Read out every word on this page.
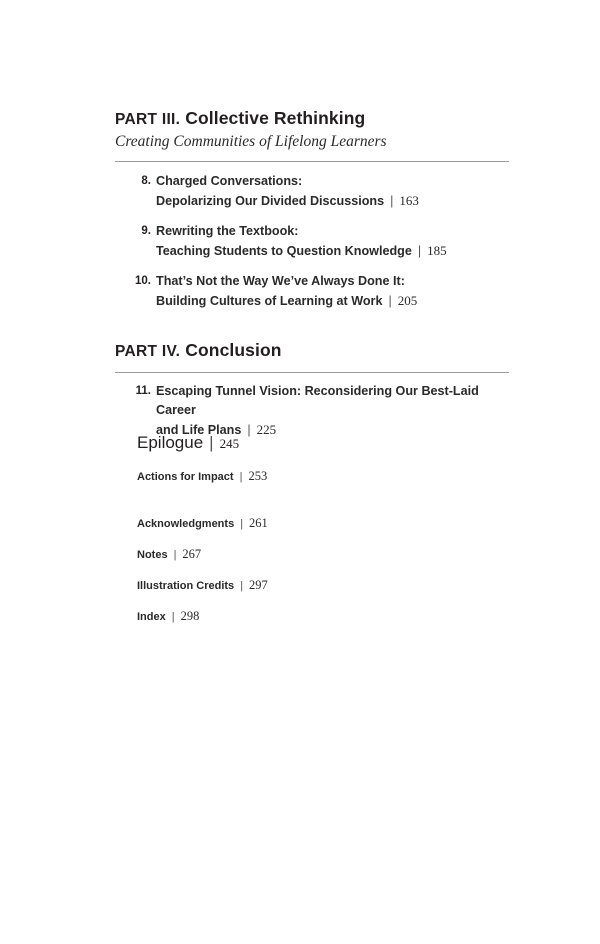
PART III. Collective Rethinking
Creating Communities of Lifelong Learners
8. Charged Conversations:
Depolarizing Our Divided Discussions | 163
9. Rewriting the Textbook:
Teaching Students to Question Knowledge | 185
10. That’s Not the Way We’ve Always Done It:
Building Cultures of Learning at Work | 205
PART IV. Conclusion
11. Escaping Tunnel Vision: Reconsidering Our Best-Laid Career
and Life Plans | 225
Epilogue | 245
Actions for Impact | 253
Acknowledgments | 261
Notes | 267
Illustration Credits | 297
Index | 298
